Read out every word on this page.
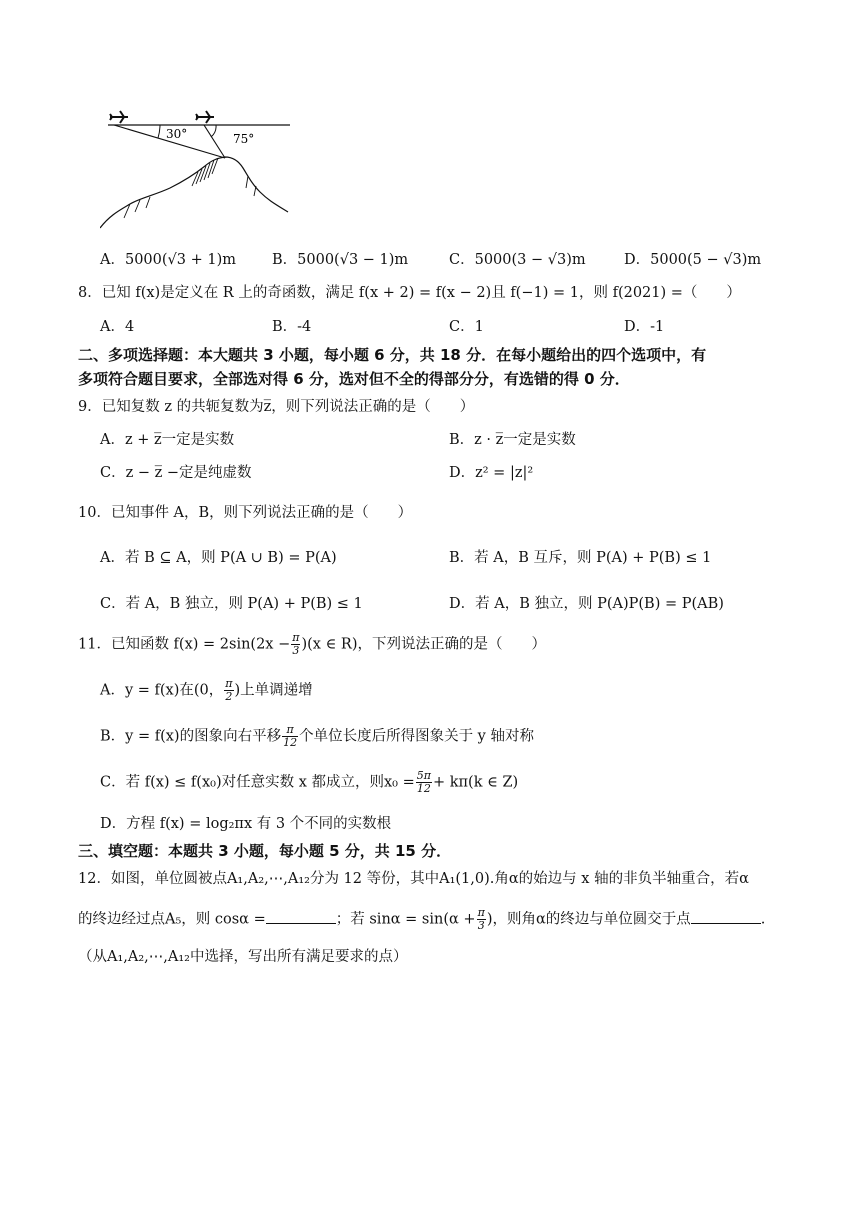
30°	75°
A．5000(√3 + 1)m B．5000(√3 − 1)m	C．5000(3 − √3)m	D．5000(5 − √3)m
8．已知 f(x)是定义在 R 上的奇函数，满足 f(x + 2) = f(x − 2)且 f(−1) = 1，则 f(2021) =（　　）
A．4	B．-4	C．1	D．-1
二、多项选择题：本大题共 3 小题，每小题 6 分，共 18 分．在每小题给出的四个选项中，有
多项符合题目要求，全部选对得 6 分，选对但不全的得部分分，有选错的得 0 分．
9．已知复数 z 的共轭复数为z̅，则下列说法正确的是（　　）
A．z + z̅一定是实数	B．z · z̅一定是实数
C．z − z̅ −定是纯虚数	D．z² = |z|²
10．已知事件 A，B，则下列说法正确的是（　　）
A．若 B ⊆ A，则 P(A ∪ B) = P(A)	B．若 A，B 互斥，则 P(A) + P(B) ≤ 1
C．若 A，B 独立，则 P(A) + P(B) ≤ 1	D．若 A，B 独立，则 P(A)P(B) = P(AB)
11．已知函数 $f(x) = 2\sin(2x - \frac{\pi}{3} )(x$ ∈ R)，下列说法正确的是（　　）
A．y = f(x)在(0， $\frac{\pi}{2}$ )上单调递增
B．y = f(x)的图象向右平移 $\frac{\pi}{12}$ 个单位长度后所得图象关于 y 轴对称
C．若 f(x) ≤ f(x₀)对任意实数 x 都成立，则$x_0 = \frac{5\pi}{12} + k\pi(k$ ∈ Z)
D．方程 f(x) = log₂πx 有 3 个不同的实数根
三、填空题：本题共 3 小题，每小题 5 分，共 15 分．
12．如图，单位圆被点A₁,A₂,⋯,A₁₂分为 12 等份，其中A₁(1,0).角α的始边与 x 轴的非负半轴重合，若α
的终边经过点A₅，则 cosα =	；若 $\sin\alpha = \sin(\alpha + \frac{\pi}{3}$ )，则角α的终边与单位圆交于点	.
（从A₁,A₂,⋯,A₁₂中选择，写出所有满足要求的点）
